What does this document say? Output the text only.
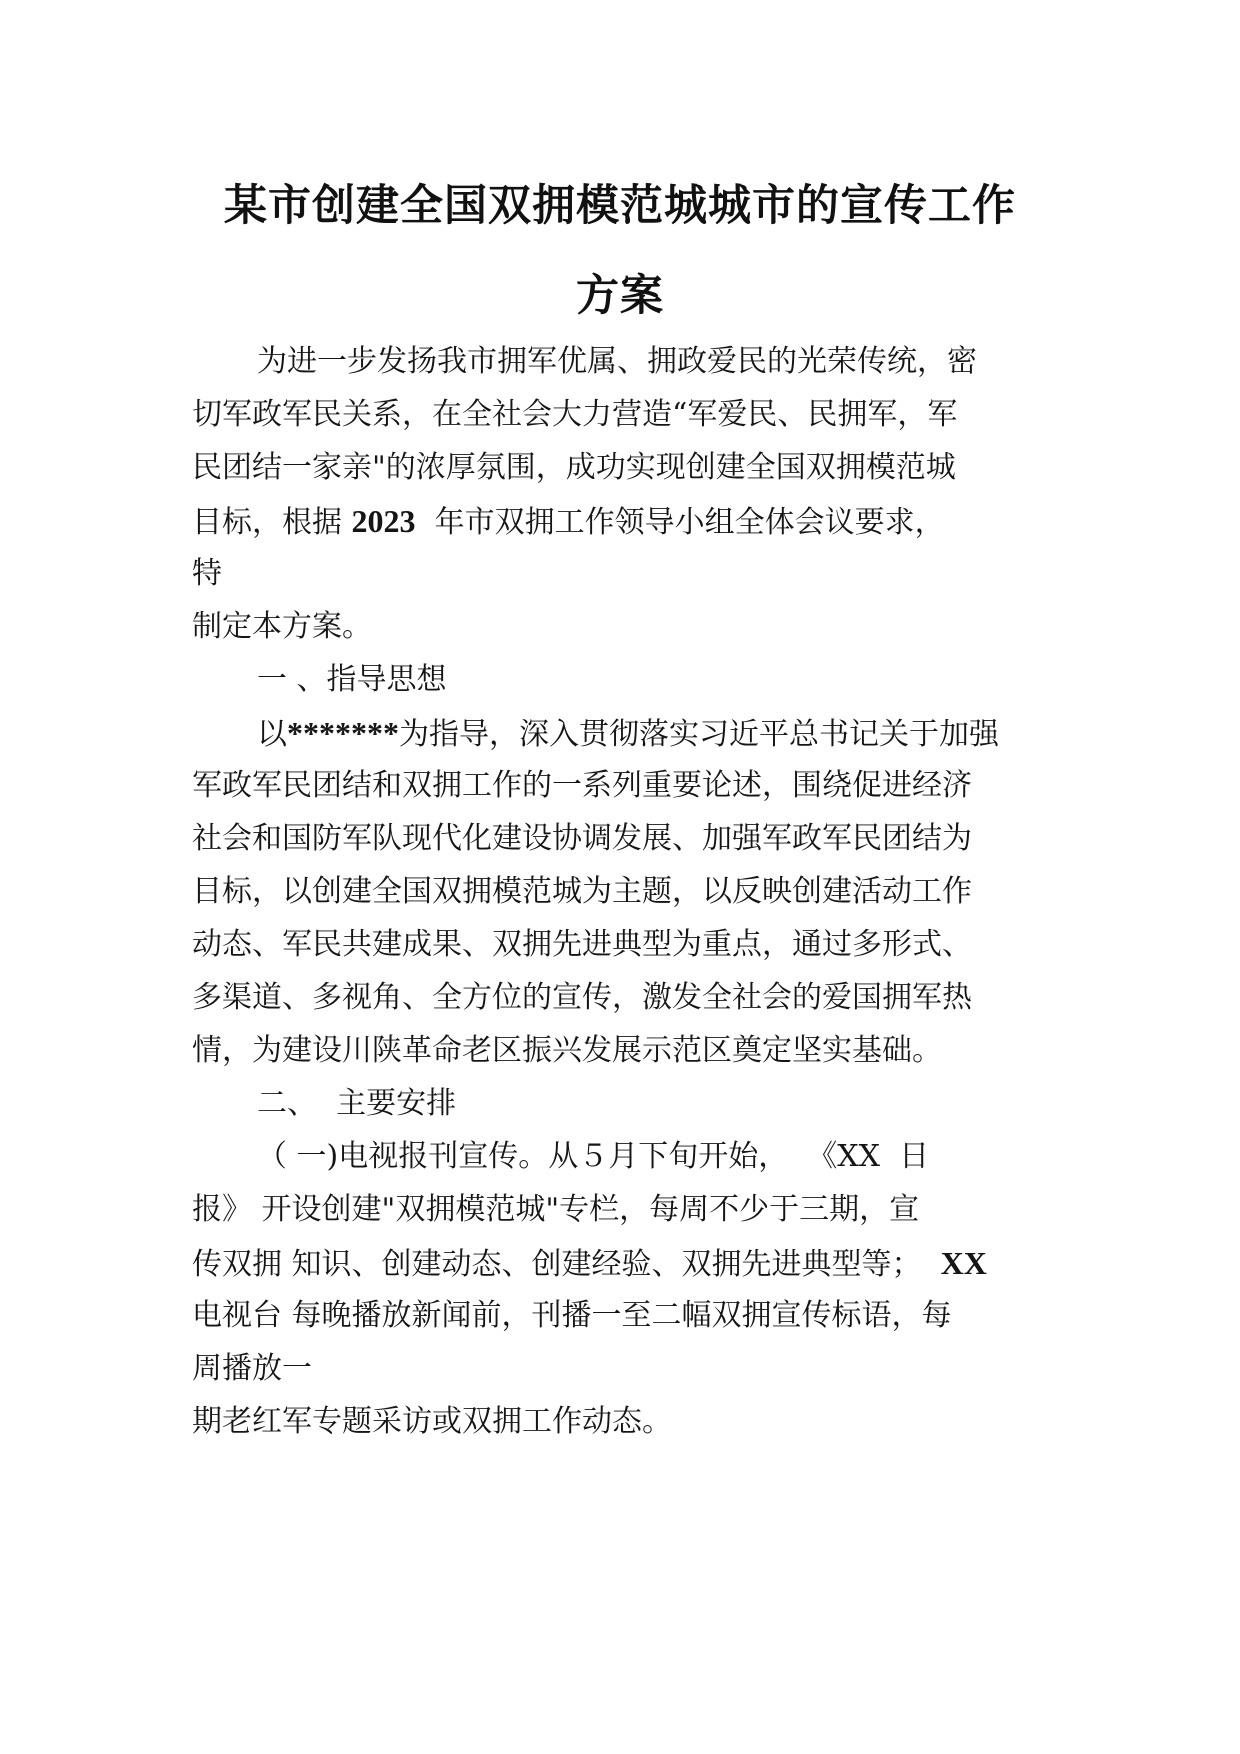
某市创建全国双拥模范城城市的宣传工作
方案
为进一步发扬我市拥军优属、拥政爱民的光荣传统，密
切军政军民关系，在全社会大力营造“军爱民、民拥军，军
民团结一家亲"的浓厚氛围，成功实现创建全国双拥模范城
目标，根据 2023  年市双拥工作领导小组全体会议要求，
特
制定本方案。
一 、指导思想
以*******为指导，深入贯彻落实习近平总书记关于加强
军政军民团结和双拥工作的一系列重要论述，围绕促进经济
社会和国防军队现代化建设协调发展、加强军政军民团结为
目标，以创建全国双拥模范城为主题，以反映创建活动工作
动态、军民共建成果、双拥先进典型为重点，通过多形式、
多渠道、多视角、全方位的宣传，激发全社会的爱国拥军热
情，为建设川陕革命老区振兴发展示范区奠定坚实基础。
二、  主要安排
（ 一)电视报刊宣传。从５月下旬开始，  《XX  日
报》 开设创建"双拥模范城"专栏，每周不少于三期，宣
传双拥 知识、创建动态、创建经验、双拥先进典型等；  XX
电视台 每晚播放新闻前，刊播一至二幅双拥宣传标语，每
周播放一
期老红军专题采访或双拥工作动态。
